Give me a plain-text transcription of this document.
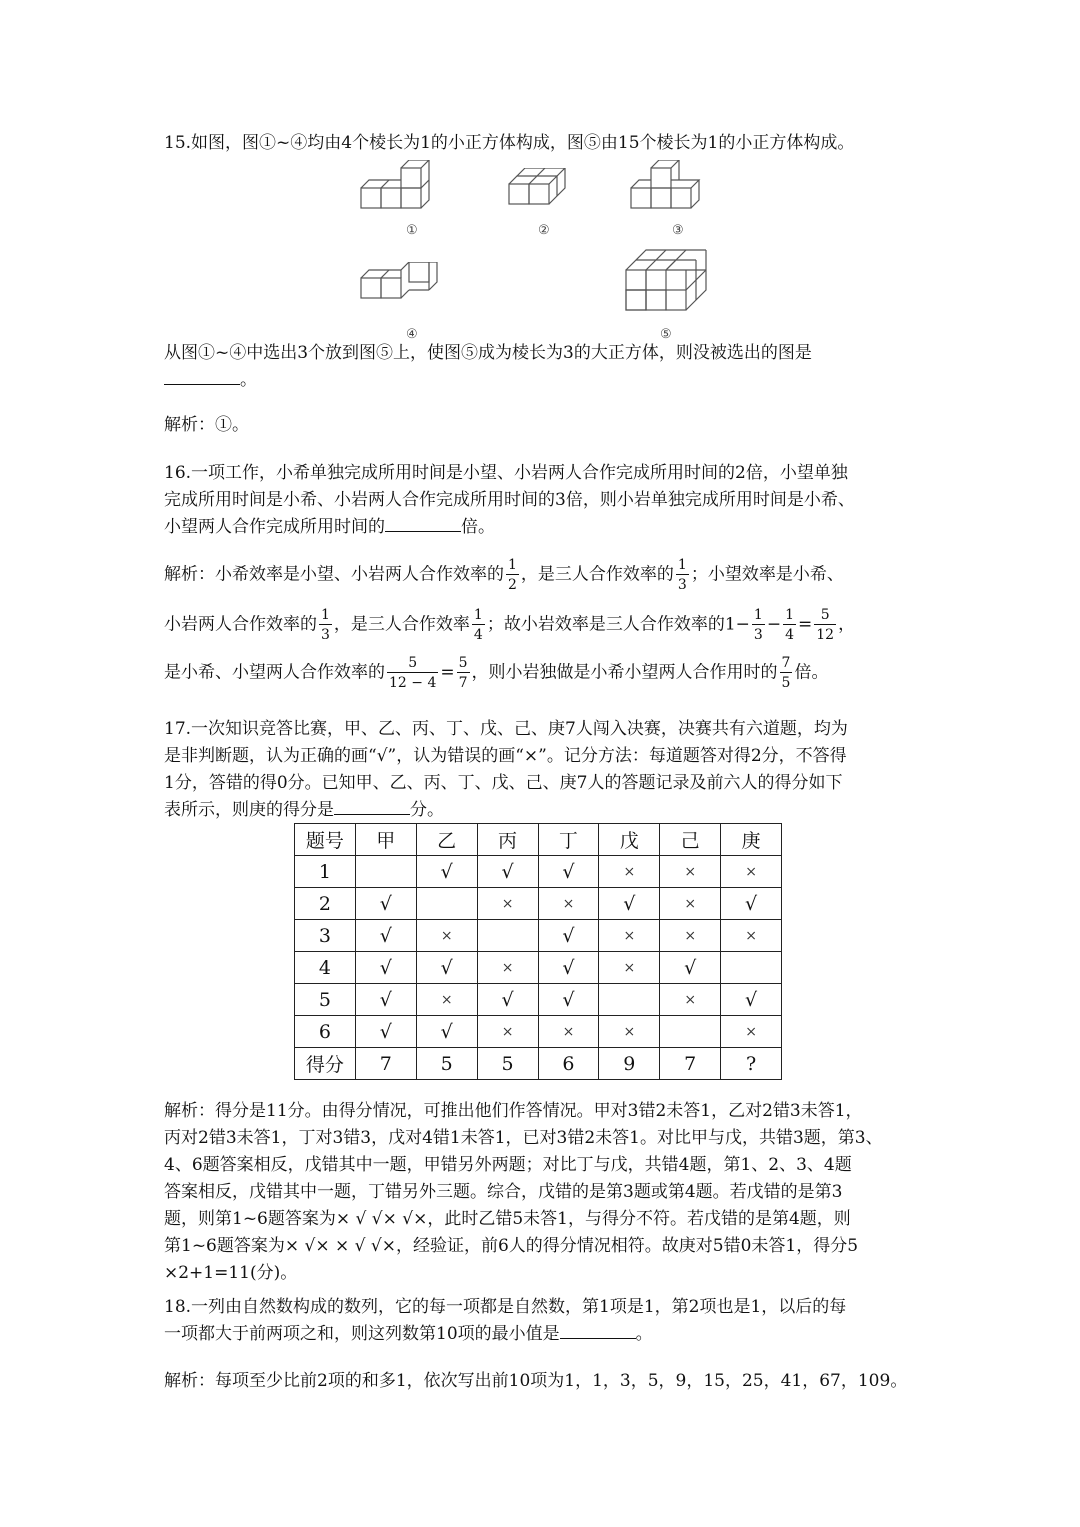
15.如图，图①~④均由4个棱长为1的小正方体构成，图⑤由15个棱长为1的小正方体构成。

①	②	③
④	⑤

从图①~④中选出3个放到图⑤上，使图⑤成为棱长为3的大正方体，则没被选出的图是
。

解析：①。

16.一项工作，小希单独完成所用时间是小望、小岩两人合作完成所用时间的2倍，小望单独
完成所用时间是小希、小岩两人合作完成所用时间的3倍，则小岩单独完成所用时间是小希、
小望两人合作完成所用时间的	倍。

解析：小希效率是小望、小岩两人合作效率的 $\frac{1}{2}$ ，是三人合作效率的 $\frac{1}{3}$ ；小望效率是小希、
小岩两人合作效率的 $\frac{1}{3}$ ，是三人合作效率 $\frac{1}{4}$ ；故小岩效率是三人合作效率的$1- \frac{1}{3} - \frac{1}{4} = \frac{5}{12}$ ，
是小希、小望两人合作效率的 $\frac{5}{12 - 4} = \frac{5}{7}$ ，则小岩独做是小希小望两人合作用时的 $\frac{7}{5}$ 倍。

17.一次知识竞答比赛，甲、乙、丙、丁、戊、己、庚7人闯入决赛，决赛共有六道题，均为
是非判断题，认为正确的画“√”，认为错误的画“×”。记分方法：每道题答对得2分，不答得
1分，答错的得0分。已知甲、乙、丙、丁、戊、己、庚7人的答题记录及前六人的得分如下
表所示，则庚的得分是	分。

题号	甲	乙	丙	丁	戊	己	庚
1		√	√	√	×	×	×
2	√		×	×	√	×	√
3	√	×		√	×	×	×
4	√	√	×	√	×	√	
5	√	×	√	√		×	√
6	√	√	×	×	×		×
得分	7	5	5	6	9	7	?

解析：得分是11分。由得分情况，可推出他们作答情况。甲对3错2未答1，乙对2错3未答1，
丙对2错3未答1，丁对3错3，戊对4错1未答1，已对3错2未答1。对比甲与戊，共错3题，第3、
4、6题答案相反，戊错其中一题，甲错另外两题；对比丁与戊，共错4题，第1、2、3、4题
答案相反，戊错其中一题，丁错另外三题。综合，戊错的是第3题或第4题。若戊错的是第3
题，则第1~6题答案为× √ √× √×，此时乙错5未答1，与得分不符。若戊错的是第4题，则
第1~6题答案为× √× × √ √×，经验证，前6人的得分情况相符。故庚对5错0未答1，得分5
×2+1=11(分)。

18.一列由自然数构成的数列，它的每一项都是自然数，第1项是1，第2项也是1，以后的每
一项都大于前两项之和，则这列数第10项的最小值是	。

解析：每项至少比前2项的和多1，依次写出前10项为1，1，3，5，9，15，25，41，67，109。
